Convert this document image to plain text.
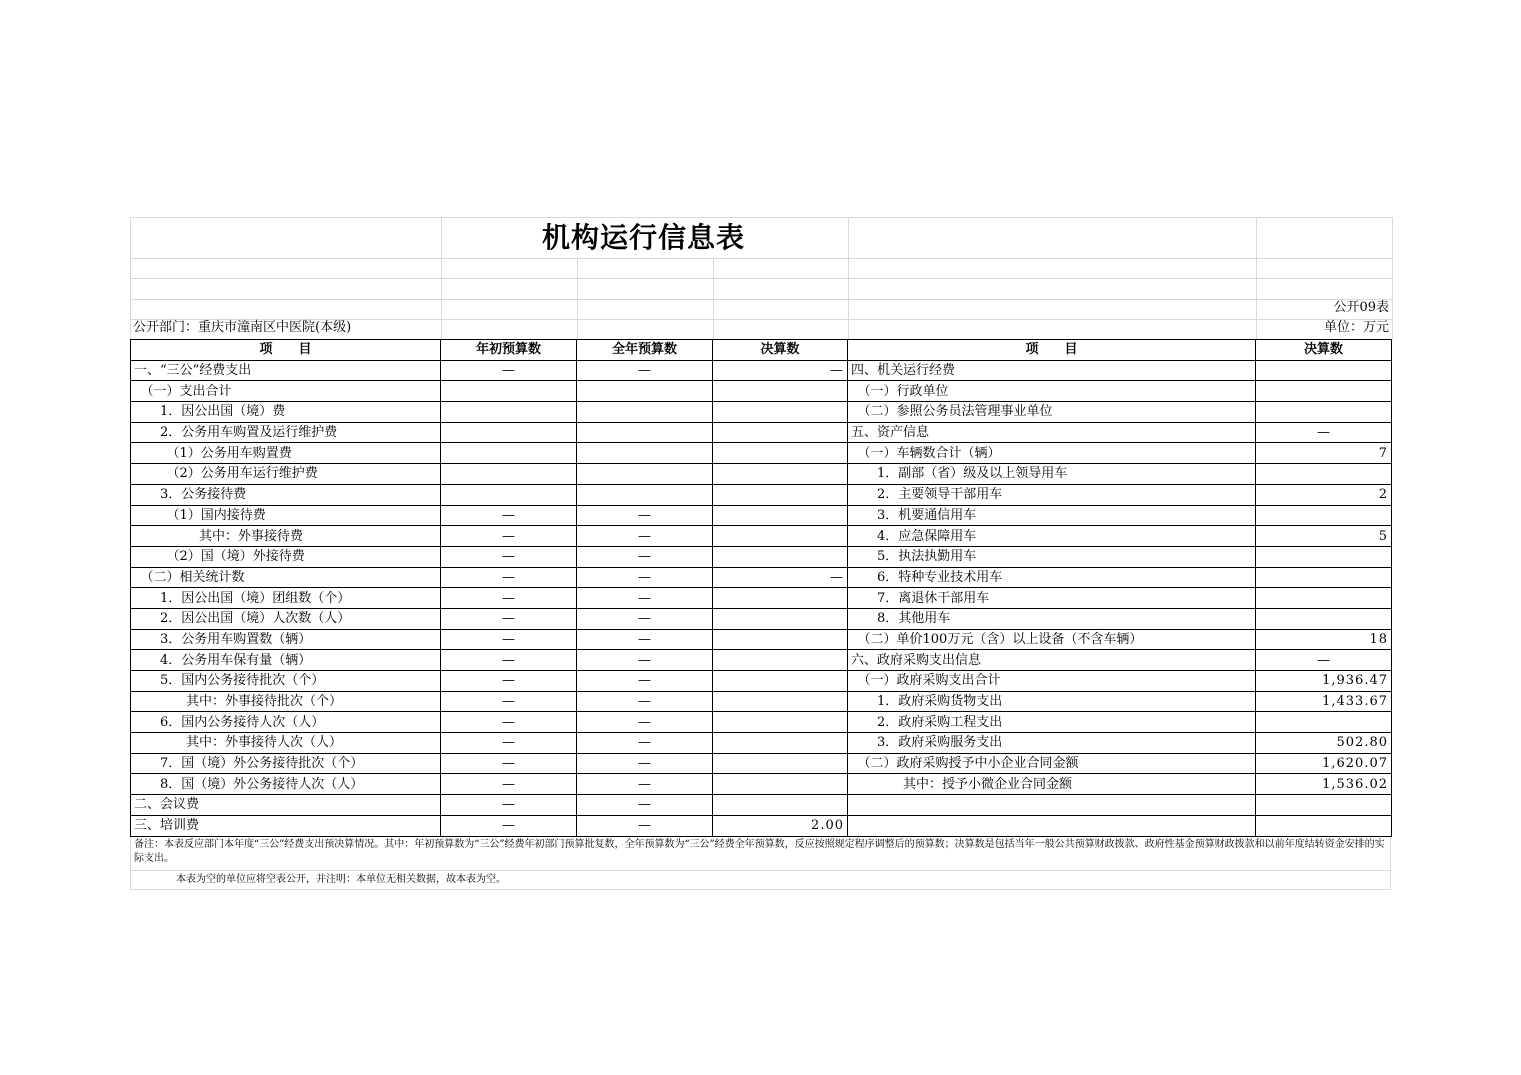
机构运行信息表
公开09表
公开部门：重庆市潼南区中医院(本级)	单位：万元
项　　目	年初预算数	全年预算数	决算数	项　　目	决算数
一、“三公”经费支出	—	—	—	四、机关运行经费	
　（一）支出合计				　（一）行政单位	
　　1．因公出国（境）费				　（二）参照公务员法管理事业单位	
　　2．公务用车购置及运行维护费				五、资产信息	—
　　　（1）公务用车购置费				　（一）车辆数合计（辆）	7
　　　（2）公务用车运行维护费				　　1．副部（省）级及以上领导用车	
　　3．公务接待费				　　2．主要领导干部用车	2
　　　（1）国内接待费	—	—		　　3．机要通信用车	
　　　　　其中：外事接待费	—	—		　　4．应急保障用车	5
　　　（2）国（境）外接待费	—	—		　　5．执法执勤用车	
　（二）相关统计数	—	—	—	　　6．特种专业技术用车	
　　1．因公出国（境）团组数（个）	—	—		　　7．离退休干部用车	
　　2．因公出国（境）人次数（人）	—	—		　　8．其他用车	
　　3．公务用车购置数（辆）	—	—		　（二）单价100万元（含）以上设备（不含车辆）	18
　　4．公务用车保有量（辆）	—	—		六、政府采购支出信息	—
　　5．国内公务接待批次（个）	—	—		　（一）政府采购支出合计	1,936.47
　　　　其中：外事接待批次（个）	—	—		　　1．政府采购货物支出	1,433.67
　　6．国内公务接待人次（人）	—	—		　　2．政府采购工程支出	
　　　　其中：外事接待人次（人）	—	—		　　3．政府采购服务支出	502.80
　　7．国（境）外公务接待批次（个）	—	—		　（二）政府采购授予中小企业合同金额	1,620.07
　　8．国（境）外公务接待人次（人）	—	—		　　　　其中：授予小微企业合同金额	1,536.02
二、会议费	—	—			
三、培训费	—	—	2.00		
备注：本表反应部门本年度“三公”经费支出预决算情况。其中：年初预算数为“三公”经费年初部门预算批复数，全年预算数为“三公”经费全年预算数，反应按照规定程序调整后的预算数；决算数是包括当年一般公共预算财政拨款、政府性基金预算财政拨款和以前年度结转资金安排的实际支出。
本表为空的单位应将空表公开，并注明：本单位无相关数据，故本表为空。
